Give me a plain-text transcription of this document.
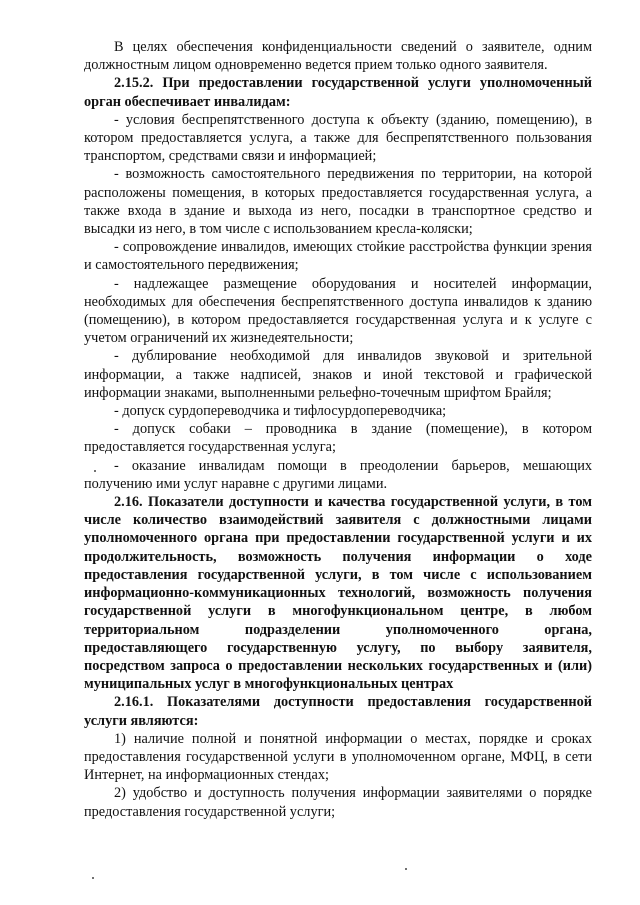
В целях обеспечения конфиденциальности сведений о заявителе, одним должностным лицом одновременно ведется прием только одного заявителя.

2.15.2. При предоставлении государственной услуги уполномоченный орган обеспечивает инвалидам:

- условия беспрепятственного доступа к объекту (зданию, помещению), в котором предоставляется услуга, а также для беспрепятственного пользования транспортом, средствами связи и информацией;

- возможность самостоятельного передвижения по территории, на которой расположены помещения, в которых предоставляется государственная услуга, а также входа в здание и выхода из него, посадки в транспортное средство и высадки из него, в том числе с использованием кресла-коляски;

- сопровождение инвалидов, имеющих стойкие расстройства функции зрения и самостоятельного передвижения;

- надлежащее размещение оборудования и носителей информации, необходимых для обеспечения беспрепятственного доступа инвалидов к зданию (помещению), в котором предоставляется государственная услуга и к услуге с учетом ограничений их жизнедеятельности;

- дублирование необходимой для инвалидов звуковой и зрительной информации, а также надписей, знаков и иной текстовой и графической информации знаками, выполненными рельефно-точечным шрифтом Брайля;

- допуск сурдопереводчика и тифлосурдопереводчика;

- допуск собаки – проводника в здание (помещение), в котором предоставляется государственная услуга;

- оказание инвалидам помощи в преодолении барьеров, мешающих получению ими услуг наравне с другими лицами.

2.16. Показатели доступности и качества государственной услуги, в том числе количество взаимодействий заявителя с должностными лицами уполномоченного органа при предоставлении государственной услуги и их продолжительность, возможность получения информации о ходе предоставления государственной услуги, в том числе с использованием информационно-коммуникационных технологий, возможность получения государственной услуги в многофункциональном центре, в любом территориальном подразделении уполномоченного органа, предоставляющего государственную услугу, по выбору заявителя, посредством запроса о предоставлении нескольких государственных и (или) муниципальных услуг в многофункциональных центрах

2.16.1. Показателями доступности предоставления государственной услуги являются:

1) наличие полной и понятной информации о местах, порядке и сроках предоставления государственной услуги в уполномоченном органе, МФЦ, в сети Интернет, на информационных стендах;

2) удобство и доступность получения информации заявителями о порядке предоставления государственной услуги;
